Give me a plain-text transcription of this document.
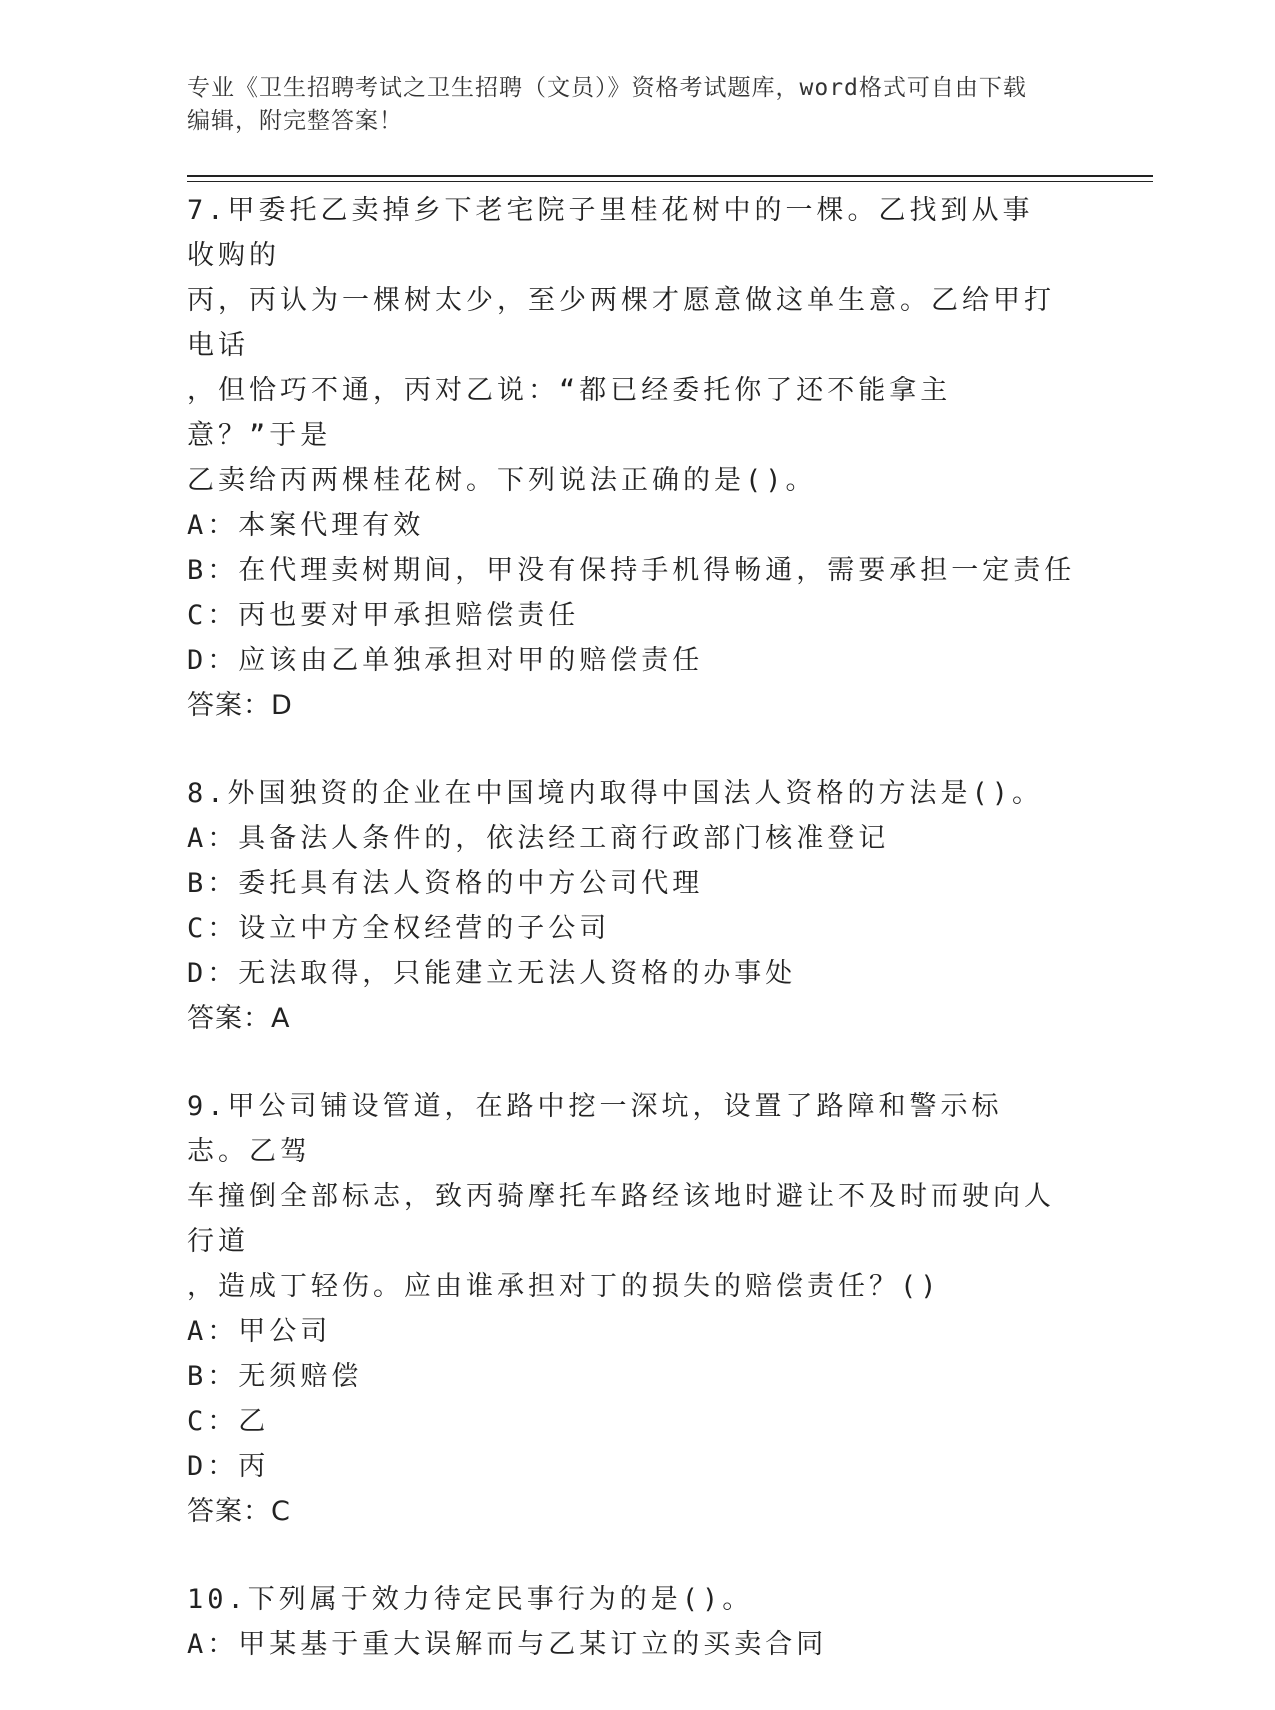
专业《卫生招聘考试之卫生招聘（文员）》资格考试题库，word格式可自由下载
编辑，附完整答案！
7.甲委托乙卖掉乡下老宅院子里桂花树中的一棵。乙找到从事收购的
丙，丙认为一棵树太少，至少两棵才愿意做这单生意。乙给甲打电话
，但恰巧不通，丙对乙说：“都已经委托你了还不能拿主意？”于是
乙卖给丙两棵桂花树。下列说法正确的是()。
A：本案代理有效
B：在代理卖树期间，甲没有保持手机得畅通，需要承担一定责任
C：丙也要对甲承担赔偿责任
D：应该由乙单独承担对甲的赔偿责任
答案：D
8.外国独资的企业在中国境内取得中国法人资格的方法是()。
A：具备法人条件的，依法经工商行政部门核准登记
B：委托具有法人资格的中方公司代理
C：设立中方全权经营的子公司
D：无法取得，只能建立无法人资格的办事处
答案：A
9.甲公司铺设管道，在路中挖一深坑，设置了路障和警示标志。乙驾
车撞倒全部标志，致丙骑摩托车路经该地时避让不及时而驶向人行道
，造成丁轻伤。应由谁承担对丁的损失的赔偿责任？()
A：甲公司
B：无须赔偿
C：乙
D：丙
答案：C
10.下列属于效力待定民事行为的是()。
A：甲某基于重大误解而与乙某订立的买卖合同
